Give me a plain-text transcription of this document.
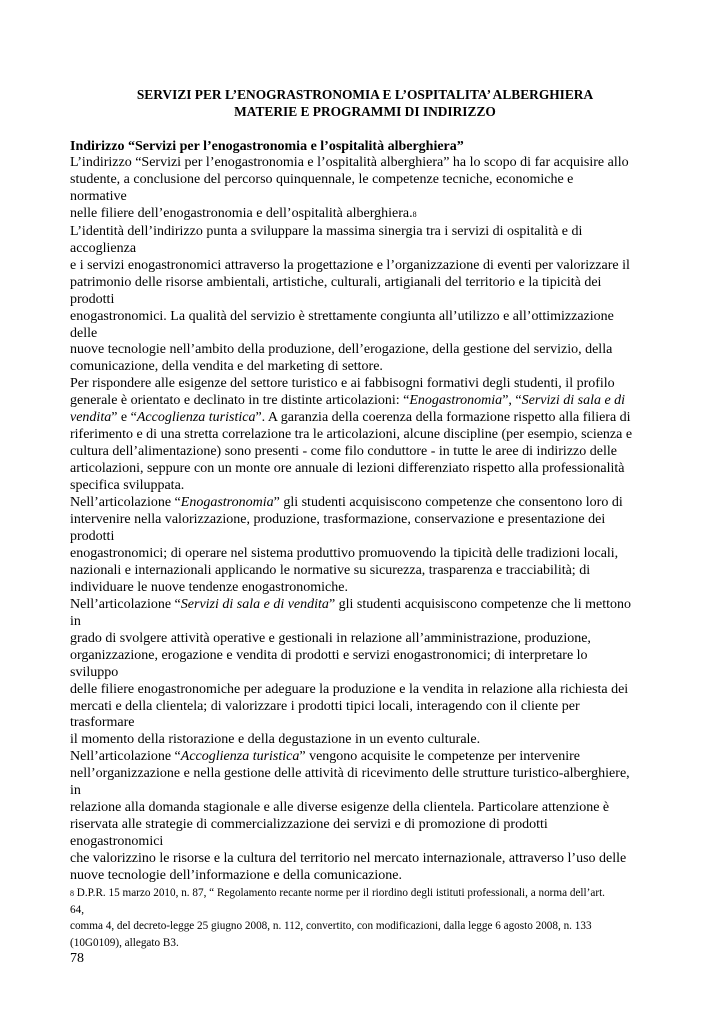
SERVIZI PER L’ENOGRASTRONOMIA E L’OSPITALITA’ ALBERGHIERA

MATERIE E PROGRAMMI DI INDIRIZZO

Indirizzo “Servizi per l’enogastronomia e l’ospitalità alberghiera”

L’indirizzo “Servizi per l’enogastronomia e l’ospitalità alberghiera” ha lo scopo di far acquisire allo

studente, a conclusione del percorso quinquennale, le competenze tecniche, economiche e

normative

nelle filiere dell’enogastronomia e dell’ospitalità alberghiera.8

L’identità dell’indirizzo punta a sviluppare la massima sinergia tra i servizi di ospitalità e di

accoglienza

e i servizi enogastronomici attraverso la progettazione e l’organizzazione di eventi per valorizzare il

patrimonio delle risorse ambientali, artistiche, culturali, artigianali del territorio e la tipicità dei

prodotti

enogastronomici. La qualità del servizio è strettamente congiunta all’utilizzo e all’ottimizzazione

delle

nuove tecnologie nell’ambito della produzione, dell’erogazione, della gestione del servizio, della

comunicazione, della vendita e del marketing di settore.

Per rispondere alle esigenze del settore turistico e ai fabbisogni formativi degli studenti, il profilo

generale è orientato e declinato in tre distinte articolazioni: “Enogastronomia”, “Servizi di sala e di

vendita” e “Accoglienza turistica”. A garanzia della coerenza della formazione rispetto alla filiera di

riferimento e di una stretta correlazione tra le articolazioni, alcune discipline (per esempio, scienza e

cultura dell’alimentazione) sono presenti - come filo conduttore - in tutte le aree di indirizzo delle

articolazioni, seppure con un monte ore annuale di lezioni differenziato rispetto alla professionalità

specifica sviluppata.

Nell’articolazione “Enogastronomia” gli studenti acquisiscono competenze che consentono loro di

intervenire nella valorizzazione, produzione, trasformazione, conservazione e presentazione dei

prodotti

enogastronomici; di operare nel sistema produttivo promuovendo la tipicità delle tradizioni locali,

nazionali e internazionali applicando le normative su sicurezza, trasparenza e tracciabilità; di

individuare le nuove tendenze enogastronomiche.

Nell’articolazione “Servizi di sala e di vendita” gli studenti acquisiscono competenze che li mettono

in

grado di svolgere attività operative e gestionali in relazione all’amministrazione, produzione,

organizzazione, erogazione e vendita di prodotti e servizi enogastronomici; di interpretare lo

sviluppo

delle filiere enogastronomiche per adeguare la produzione e la vendita in relazione alla richiesta dei

mercati e della clientela; di valorizzare i prodotti tipici locali, interagendo con il cliente per

trasformare

il momento della ristorazione e della degustazione in un evento culturale.

Nell’articolazione “Accoglienza turistica” vengono acquisite le competenze per intervenire

nell’organizzazione e nella gestione delle attività di ricevimento delle strutture turistico-alberghiere,

in

relazione alla domanda stagionale e alle diverse esigenze della clientela. Particolare attenzione è

riservata alle strategie di commercializzazione dei servizi e di promozione di prodotti

enogastronomici

che valorizzino le risorse e la cultura del territorio nel mercato internazionale, attraverso l’uso delle

nuove tecnologie dell’informazione e della comunicazione.

8 D.P.R. 15 marzo 2010, n. 87, “ Regolamento recante norme per il riordino degli istituti professionali, a norma dell’art.

64,

comma 4, del decreto-legge 25 giugno 2008, n. 112, convertito, con modificazioni, dalla legge 6 agosto 2008, n. 133

(10G0109), allegato B3.

78
